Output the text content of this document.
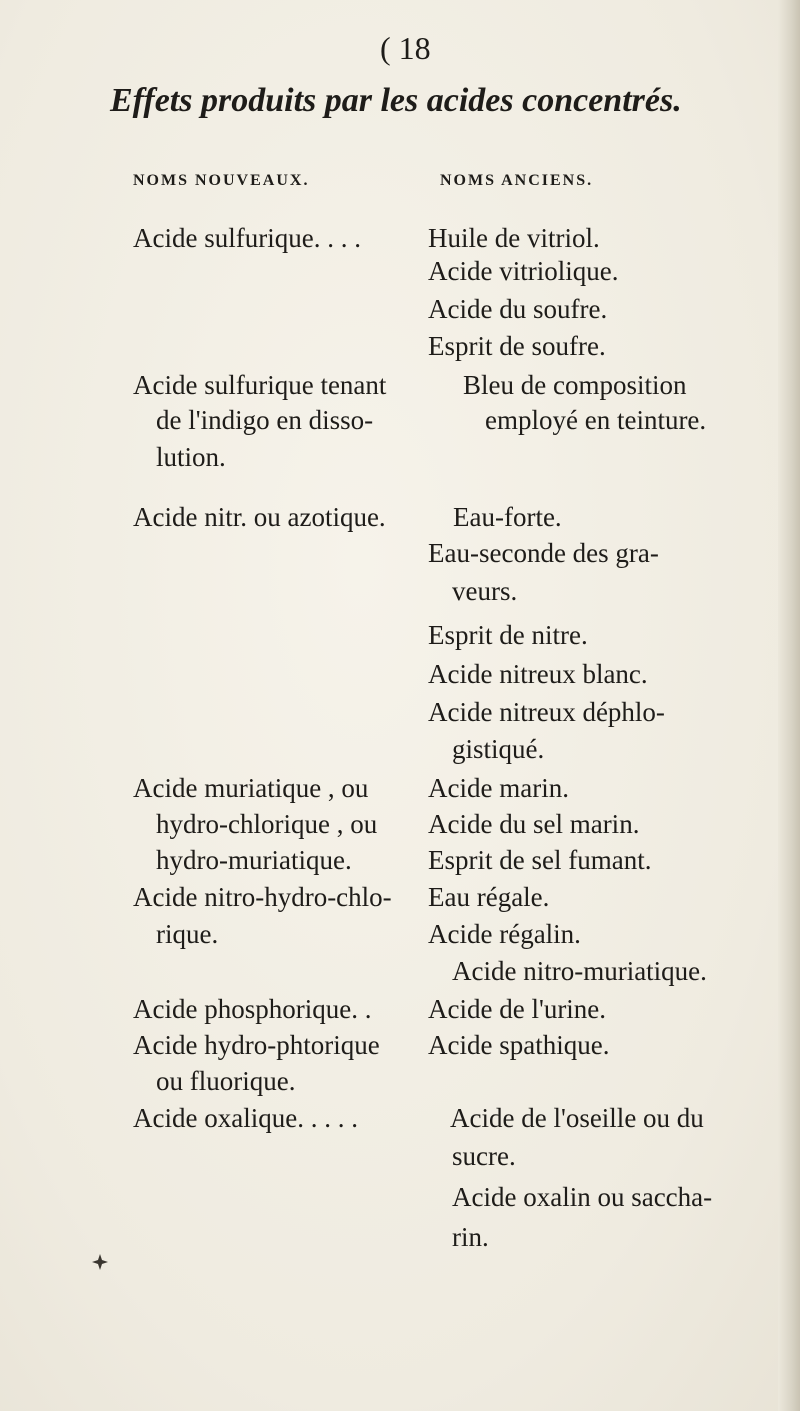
( 18
Effets produits par les acides concentrés.
NOMS NOUVEAUX.	NOMS ANCIENS.
Acide sulfurique. . . . Huile de vitriol.
Acide vitriolique.
Acide du soufre.
Esprit de soufre.
Acide sulfurique tenant
de l'indigo en disso-
lution.
Bleu de composition
employé en teinture.
Acide nitr. ou azotique. Eau-forte.
Eau-seconde des gra-
veurs.
Esprit de nitre.
Acide nitreux blanc.
Acide nitreux déphlo-
gistiqué.
Acide muriatique , ou
hydro-chlorique , ou
hydro-muriatique.
Acide marin.
Acide du sel marin.
Esprit de sel fumant.
Acide nitro-hydro-chlo-
rique.
Eau régale.
Acide régalin.
Acide nitro-muriatique.
Acide phosphorique. . Acide de l'urine.
Acide hydro-phtorique
ou fluorique.
Acide spathique.
Acide oxalique. . . . .	Acide de l'oseille ou du
sucre.
Acide oxalin ou saccha-
rin.
